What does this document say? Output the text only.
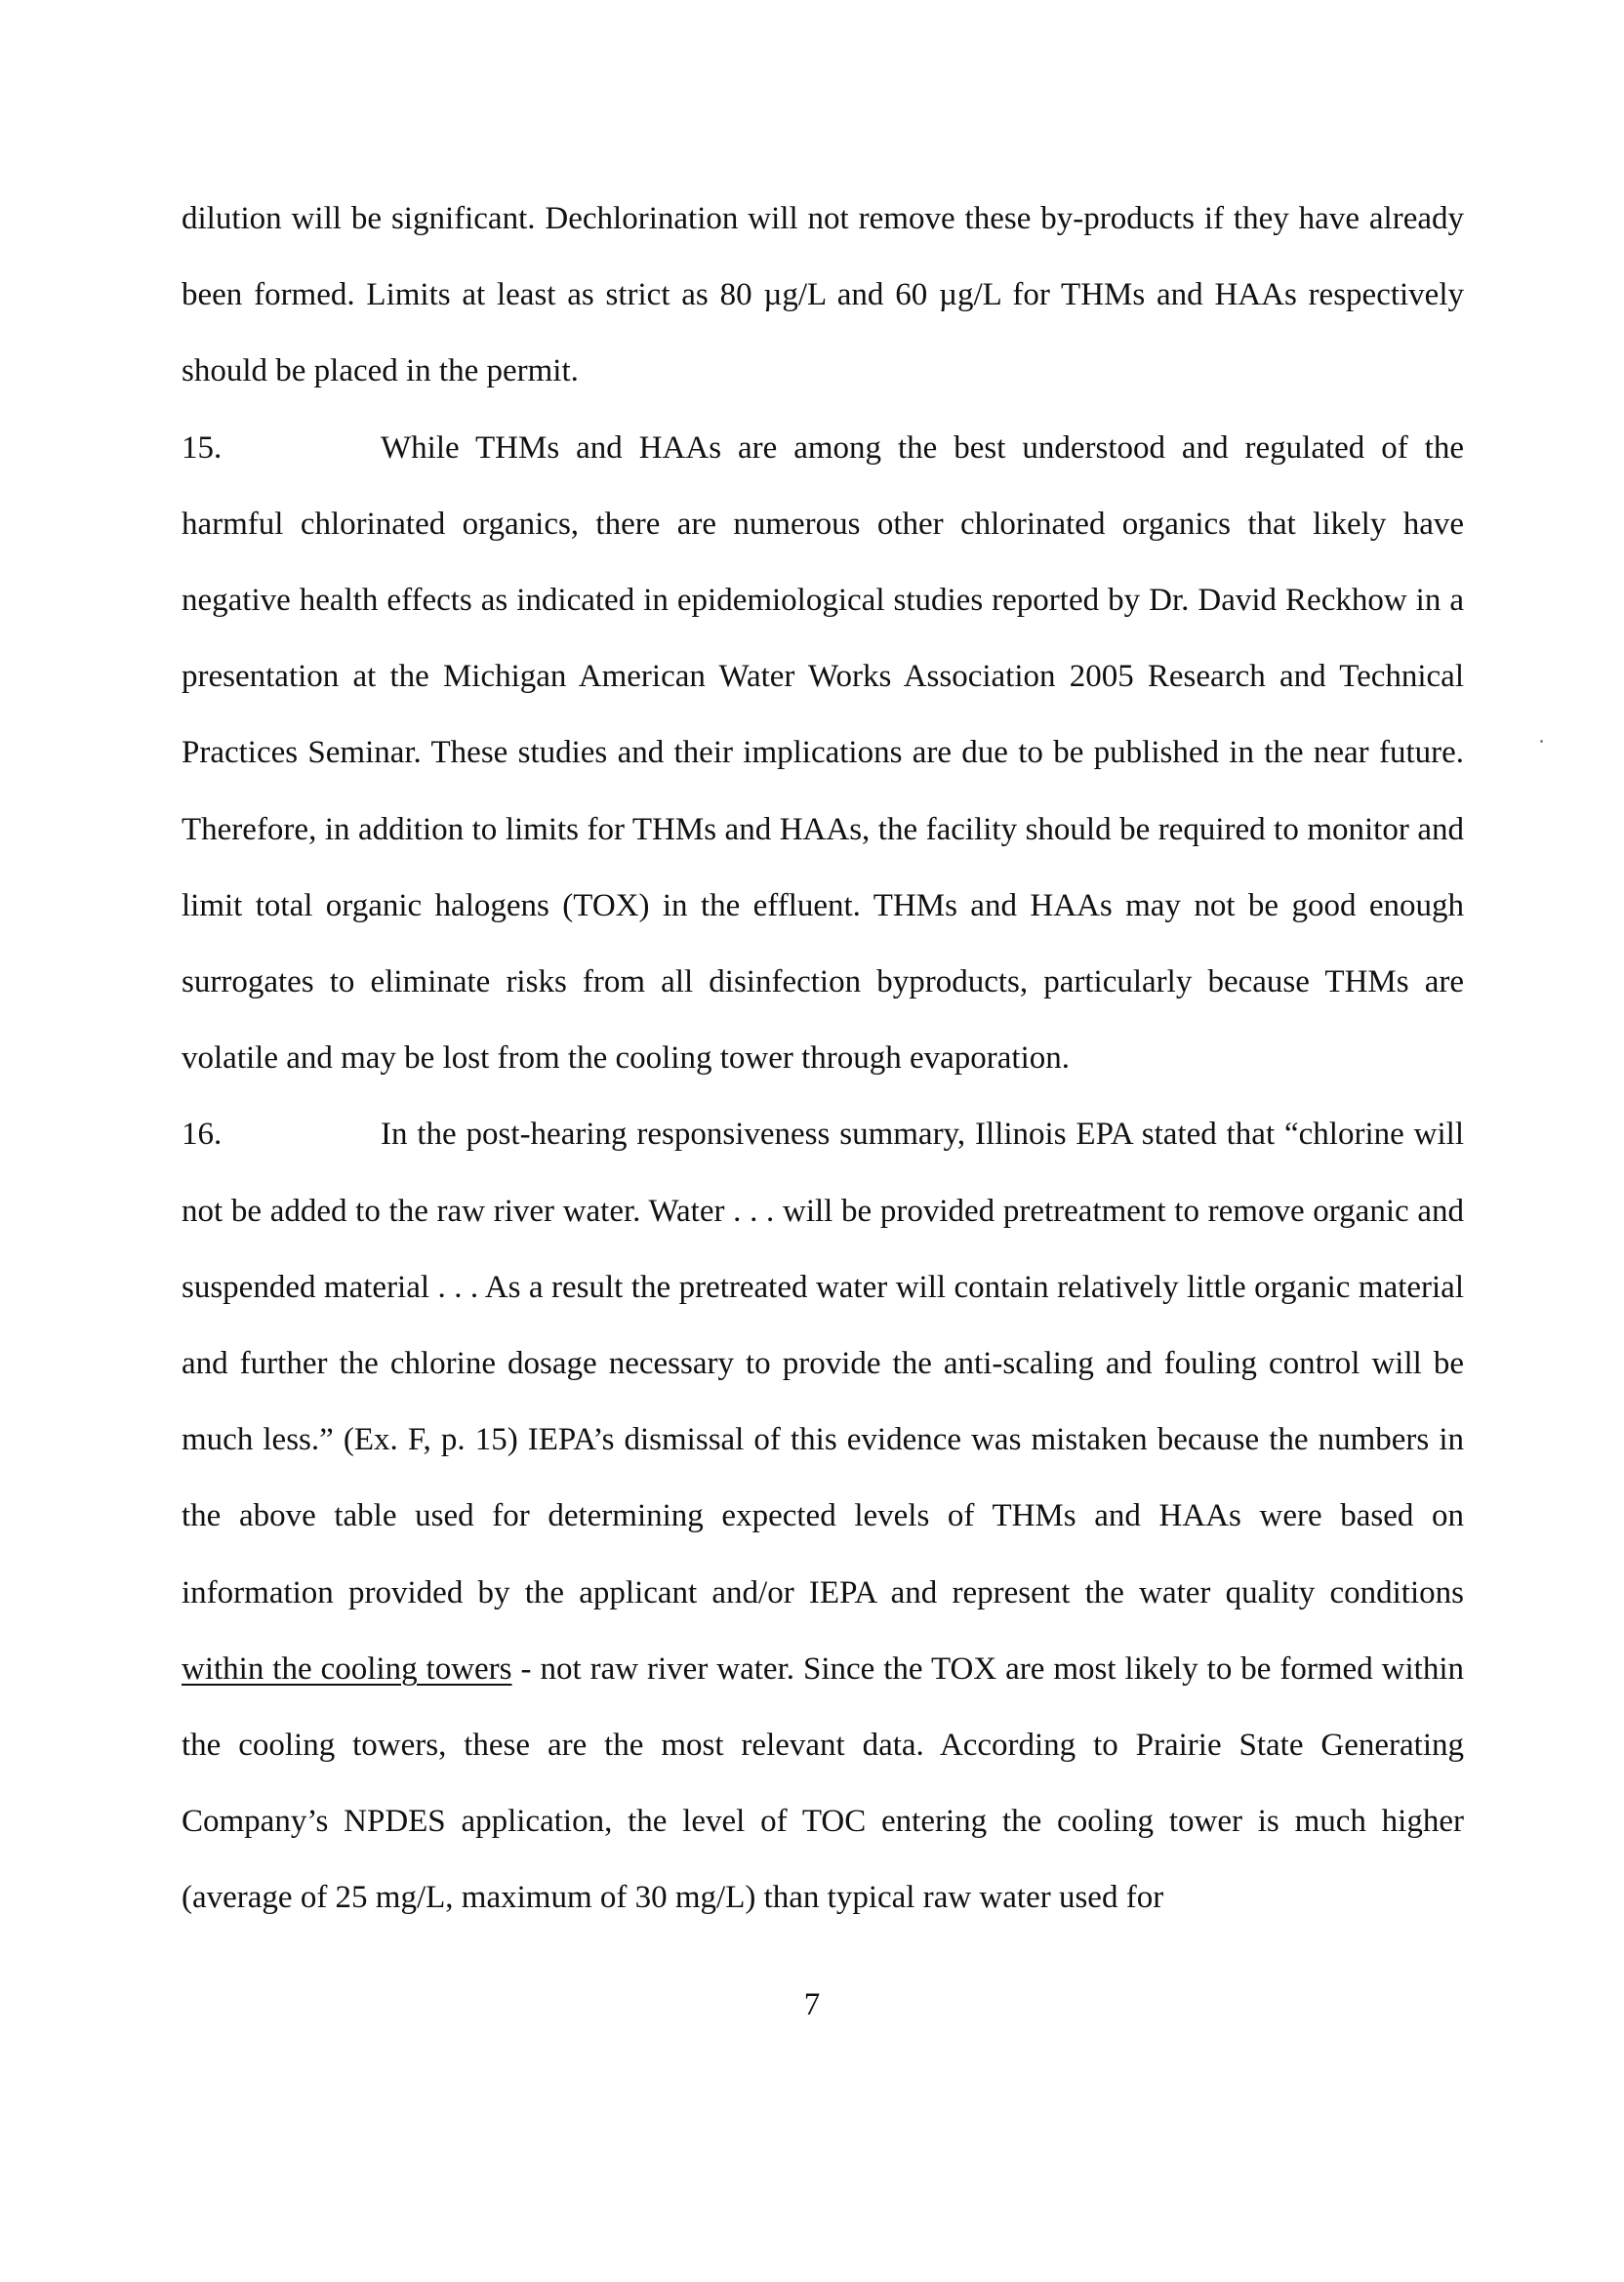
dilution will be significant. Dechlorination will not remove these by-products if they have already been formed. Limits at least as strict as 80 µg/L and 60 µg/L for THMs and HAAs respectively should be placed in the permit.

15.	While THMs and HAAs are among the best understood and regulated of the harmful chlorinated organics, there are numerous other chlorinated organics that likely have negative health effects as indicated in epidemiological studies reported by Dr. David Reckhow in a presentation at the Michigan American Water Works Association 2005 Research and Technical Practices Seminar. These studies and their implications are due to be published in the near future. Therefore, in addition to limits for THMs and HAAs, the facility should be required to monitor and limit total organic halogens (TOX) in the effluent. THMs and HAAs may not be good enough surrogates to eliminate risks from all disinfection byproducts, particularly because THMs are volatile and may be lost from the cooling tower through evaporation.

16.	In the post-hearing responsiveness summary, Illinois EPA stated that “chlorine will not be added to the raw river water. Water . . . will be provided pretreatment to remove organic and suspended material . . . As a result the pretreated water will contain relatively little organic material and further the chlorine dosage necessary to provide the anti-scaling and fouling control will be much less.” (Ex. F, p. 15) IEPA’s dismissal of this evidence was mistaken because the numbers in the above table used for determining expected levels of THMs and HAAs were based on information provided by the applicant and/or IEPA and represent the water quality conditions within the cooling towers - not raw river water. Since the TOX are most likely to be formed within the cooling towers, these are the most relevant data. According to Prairie State Generating Company’s NPDES application, the level of TOC entering the cooling tower is much higher (average of 25 mg/L, maximum of 30 mg/L) than typical raw water used for

7
